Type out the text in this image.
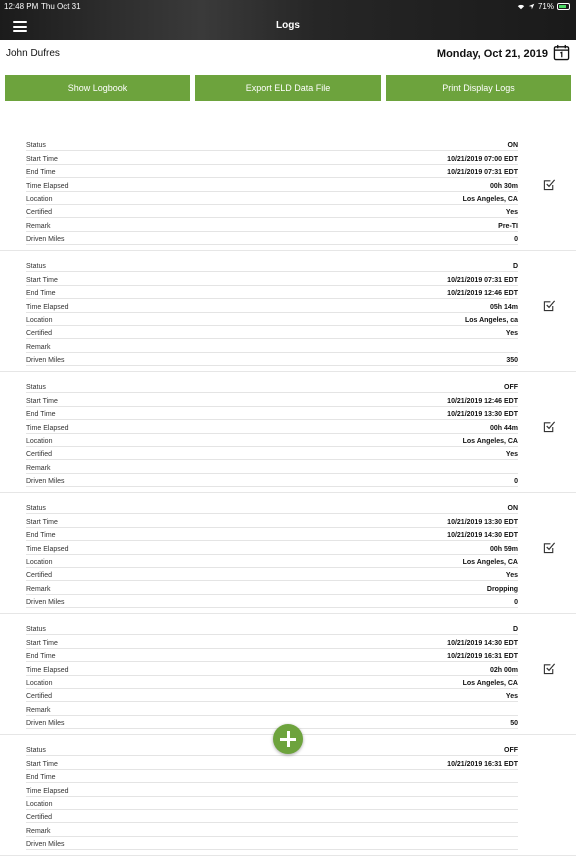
12:48 PM Thu Oct 31	71%
Logs
John Dufres	Monday, Oct 21, 2019
Show Logbook	Export ELD Data File	Print Display Logs
Status	ON
Start Time	10/21/2019 07:00 EDT
End Time	10/21/2019 07:31 EDT
Time Elapsed	00h 30m
Location	Los Angeles, CA
Certified	Yes
Remark	Pre-TI
Driven Miles	0
Status	D
Start Time	10/21/2019 07:31 EDT
End Time	10/21/2019 12:46 EDT
Time Elapsed	05h 14m
Location	Los Angeles, ca
Certified	Yes
Remark
Driven Miles	350
Status	OFF
Start Time	10/21/2019 12:46 EDT
End Time	10/21/2019 13:30 EDT
Time Elapsed	00h 44m
Location	Los Angeles, CA
Certified	Yes
Remark
Driven Miles	0
Status	ON
Start Time	10/21/2019 13:30 EDT
End Time	10/21/2019 14:30 EDT
Time Elapsed	00h 59m
Location	Los Angeles, CA
Certified	Yes
Remark	Dropping
Driven Miles	0
Status	D
Start Time	10/21/2019 14:30 EDT
End Time	10/21/2019 16:31 EDT
Time Elapsed	02h 00m
Location	Los Angeles, CA
Certified	Yes
Remark
Driven Miles	50
Status	OFF
Start Time	10/21/2019 16:31 EDT
End Time
Time Elapsed
Location
Certified
Remark
Driven Miles
